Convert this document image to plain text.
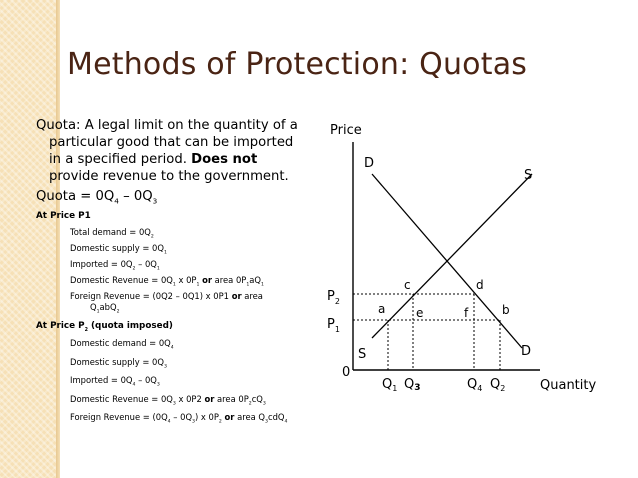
Methods of Protection: Quotas

Quota: A legal limit on the quantity of a
particular good that can be imported
in a specified period. Does not
provide revenue to the government.

Quota = $0Q_4 - 0Q_3$
At Price P1
Total demand = $0Q_2$
Domestic supply = $0Q_1$
Imported = $0Q_2 - 0Q_1$
Domestic Revenue = $0Q_1$ x $0P_1$ or area $0P_1aQ_1$
Foreign Revenue = (0Q2 – 0Q1) x 0P1 or area
$Q_1abQ_2$
At Price $P_2$ (quota imposed)
Domestic demand = $0Q_4$
Domestic supply = $0Q_3$
Imported = $0Q_4 - 0Q_3$
Domestic Revenue = $0Q_3$ x 0P2 or area $0P_2cQ_3$
Foreign Revenue = $(0Q_4 - 0Q_3)$ x $0P_2$ or area $Q_3cdQ_4$
Price
0
Quantity
D
D
S
S
$P_2$
$P_1$
$Q_1$ Q3	$Q_4$ $Q_2$
c	d
a	b
e	f
